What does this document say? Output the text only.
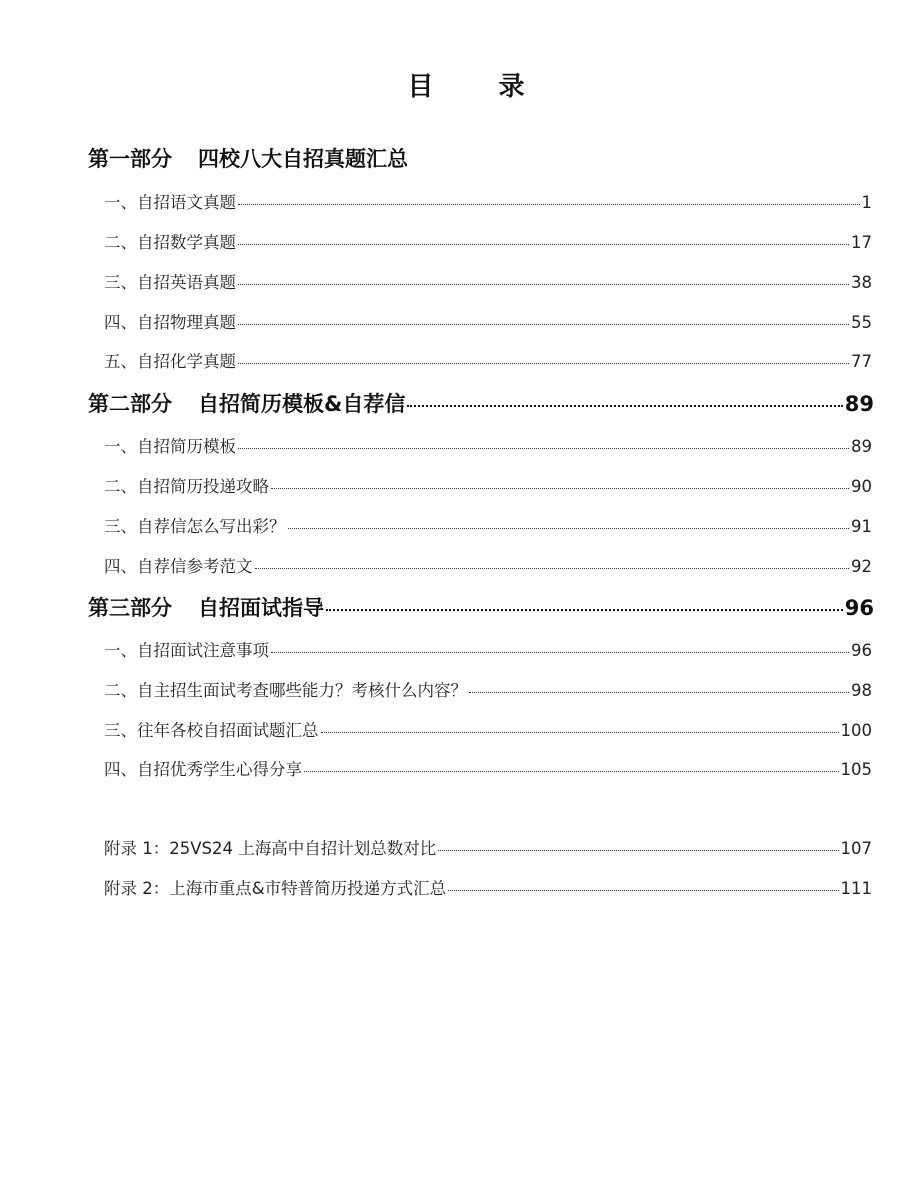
目 录
第一部分 四校八大自招真题汇总
一、自招语文真题	1
二、自招数学真题	17
三、自招英语真题	38
四、自招物理真题	55
五、自招化学真题	77
第二部分 自招简历模板&自荐信	89
一、自招简历模板	89
二、自招简历投递攻略	90
三、自荐信怎么写出彩？	91
四、自荐信参考范文	92
第三部分 自招面试指导	96
一、自招面试注意事项	96
二、自主招生面试考查哪些能力？考核什么内容？	98
三、往年各校自招面试题汇总	100
四、自招优秀学生心得分享	105
附录 1：25VS24 上海高中自招计划总数对比	107
附录 2：上海市重点&市特普简历投递方式汇总	111
